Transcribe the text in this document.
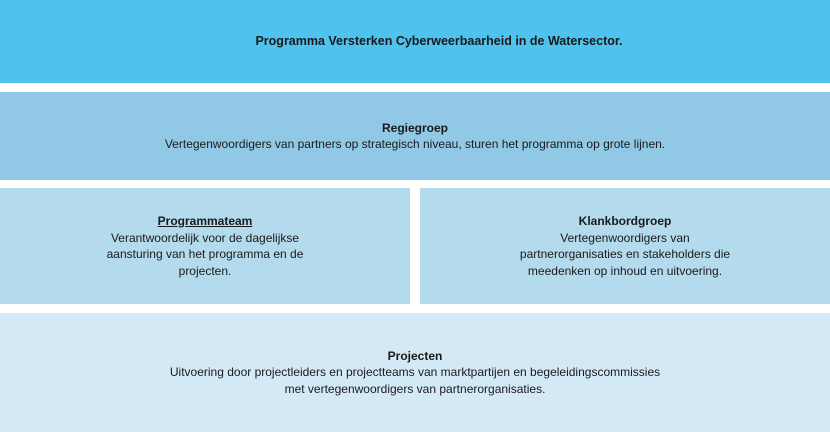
Programma Versterken Cyberweerbaarheid in de Watersector.
Regiegroep
Vertegenwoordigers van partners op strategisch niveau, sturen het programma op grote lijnen.
Programmateam
Verantwoordelijk voor de dagelijkse aansturing van het programma en de projecten.
Klankbordgroep
Vertegenwoordigers van partnerorganisaties en stakeholders die meedenken op inhoud en uitvoering.
Projecten
Uitvoering door projectleiders en projectteams van marktpartijen en begeleidingscommissies met vertegenwoordigers van partnerorganisaties.
